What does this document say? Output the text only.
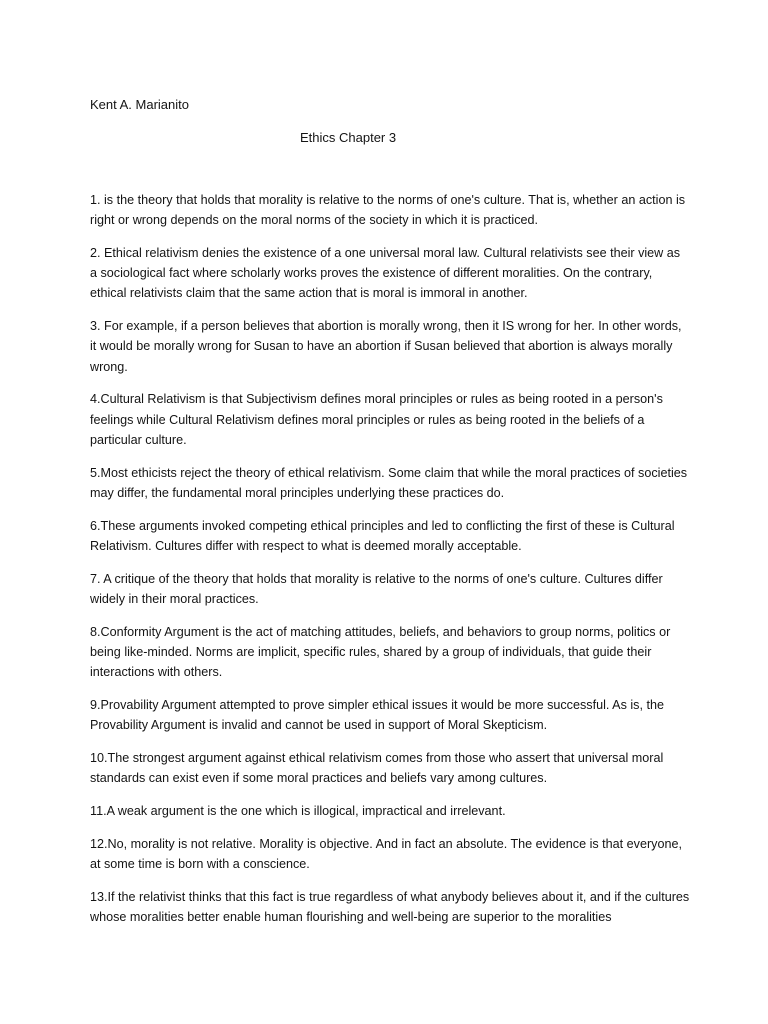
Kent A. Marianito
Ethics Chapter 3

1. is the theory that holds that morality is relative to the norms of one's culture. That is, whether an action is right or wrong depends on the moral norms of the society in which it is practiced.

2. Ethical relativism denies the existence of a one universal moral law. Cultural relativists see their view as a sociological fact where scholarly works proves the existence of different moralities. On the contrary, ethical relativists claim that the same action that is moral is immoral in another.

3. For example, if a person believes that abortion is morally wrong, then it IS wrong for her. In other words, it would be morally wrong for Susan to have an abortion if Susan believed that abortion is always morally wrong.

4.Cultural Relativism is that Subjectivism defines moral principles or rules as being rooted in a person's feelings while Cultural Relativism defines moral principles or rules as being rooted in the beliefs of a particular culture.

5.Most ethicists reject the theory of ethical relativism. Some claim that while the moral practices of societies may differ, the fundamental moral principles underlying these practices do.

6.These arguments invoked competing ethical principles and led to conflicting the first of these is Cultural Relativism. Cultures differ with respect to what is deemed morally acceptable.

7. A critique of the theory that holds that morality is relative to the norms of one's culture. Cultures differ widely in their moral practices.

8.Conformity Argument is the act of matching attitudes, beliefs, and behaviors to group norms, politics or being like-minded. Norms are implicit, specific rules, shared by a group of individuals, that guide their interactions with others.

9.Provability Argument attempted to prove simpler ethical issues it would be more successful. As is, the Provability Argument is invalid and cannot be used in support of Moral Skepticism.

10.The strongest argument against ethical relativism comes from those who assert that universal moral standards can exist even if some moral practices and beliefs vary among cultures.

11.A weak argument is the one which is illogical, impractical and irrelevant.

12.No, morality is not relative. Morality is objective. And in fact an absolute. The evidence is that everyone, at some time is born with a conscience.

13.If the relativist thinks that this fact is true regardless of what anybody believes about it, and if the cultures whose moralities better enable human flourishing and well-being are superior to the moralities
